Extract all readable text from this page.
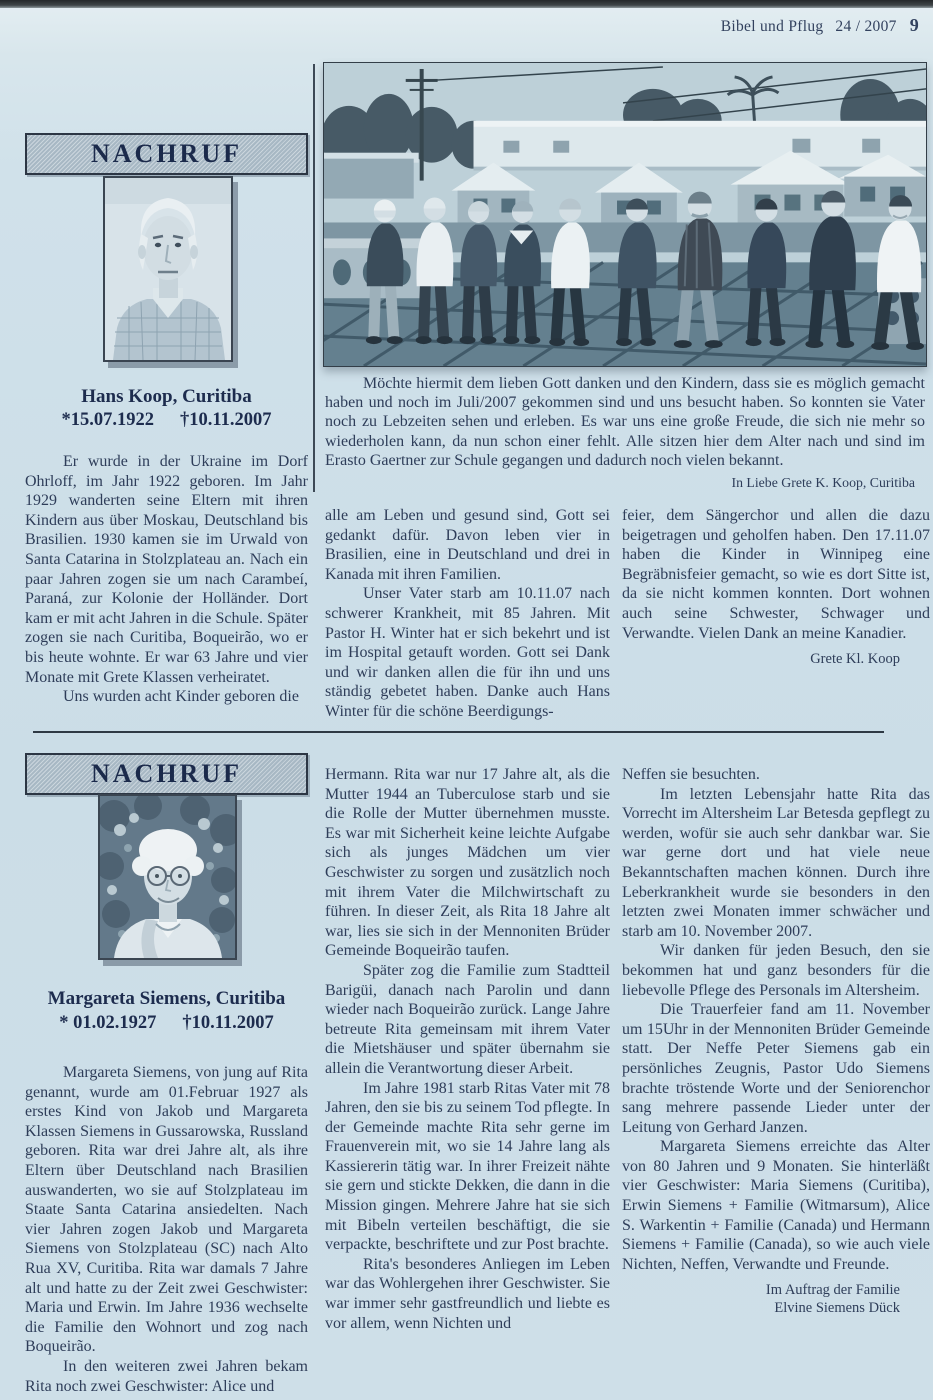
Bibel und Pflug 24 / 2007 9
NACHRUF
Hans Koop, Curitiba
*15.07.1922 †10.11.2007

Er wurde in der Ukraine im Dorf Ohrloff, im Jahr 1922 geboren. Im Jahr 1929 wanderten seine Eltern mit ihren Kindern aus über Moskau, Deutschland bis Brasilien. 1930 kamen sie im Urwald von Santa Catarina in Stolzplateau an. Nach ein paar Jahren zogen sie um nach Carambeí, Paraná, zur Kolonie der Holländer. Dort kam er mit acht Jahren in die Schule. Später zogen sie nach Curitiba, Boqueirão, wo er bis heute wohnte. Er war 63 Jahre und vier Monate mit Grete Klassen verheiratet.

Uns wurden acht Kinder geboren die

Möchte hiermit dem lieben Gott danken und den Kindern, dass sie es möglich gemacht haben und noch im Juli/2007 gekommen sind und uns besucht haben. So konnten sie Vater noch zu Lebzeiten sehen und erleben. Es war uns eine große Freude, die sich nie mehr so wiederholen kann, da nun schon einer fehlt. Alle sitzen hier dem Alter nach und sind im Erasto Gaertner zur Schule gegangen und dadurch noch vielen bekannt.

In Liebe Grete K. Koop, Curitiba

alle am Leben und gesund sind, Gott sei gedankt dafür. Davon leben vier in Brasilien, eine in Deutschland und drei in Kanada mit ihren Familien.

Unser Vater starb am 10.11.07 nach schwerer Krankheit, mit 85 Jahren. Mit Pastor H. Winter hat er sich bekehrt und ist im Hospital getauft worden. Gott sei Dank und wir danken allen die für ihn und uns ständig gebetet haben. Danke auch Hans Winter für die schöne Beerdigungs-

feier, dem Sängerchor und allen die dazu beigetragen und geholfen haben. Den 17.11.07 haben die Kinder in Winnipeg eine Begräbnisfeier gemacht, so wie es dort Sitte ist, da sie nicht kommen konnten. Dort wohnen auch seine Schwester, Schwager und Verwandte. Vielen Dank an meine Kanadier.

Grete Kl. Koop
NACHRUF
Margareta Siemens, Curitiba
* 01.02.1927 †10.11.2007

Margareta Siemens, von jung auf Rita genannt, wurde am 01.Februar 1927 als erstes Kind von Jakob und Margareta Klassen Siemens in Gussarowska, Russland geboren. Rita war drei Jahre alt, als ihre Eltern über Deutschland nach Brasilien auswanderten, wo sie auf Stolzplateau im Staate Santa Catarina ansiedelten. Nach vier Jahren zogen Jakob und Margareta Siemens von Stolzplateau (SC) nach Alto Rua XV, Curitiba. Rita war damals 7 Jahre alt und hatte zu der Zeit zwei Geschwister: Maria und Erwin. Im Jahre 1936 wechselte die Familie den Wohnort und zog nach Boqueirão.

In den weiteren zwei Jahren bekam Rita noch zwei Geschwister: Alice und

Hermann. Rita war nur 17 Jahre alt, als die Mutter 1944 an Tuberculose starb und sie die Rolle der Mutter übernehmen musste. Es war mit Sicherheit keine leichte Aufgabe sich als junges Mädchen um vier Geschwister zu sorgen und zusätzlich noch mit ihrem Vater die Milchwirtschaft zu führen. In dieser Zeit, als Rita 18 Jahre alt war, lies sie sich in der Mennoniten Brüder Gemeinde Boqueirão taufen.

Später zog die Familie zum Stadtteil Barigüi, danach nach Parolin und dann wieder nach Boqueirão zurück. Lange Jahre betreute Rita gemeinsam mit ihrem Vater die Mietshäuser und später übernahm sie allein die Verantwortung dieser Arbeit.

Im Jahre 1981 starb Ritas Vater mit 78 Jahren, den sie bis zu seinem Tod pflegte. In der Gemeinde machte Rita sehr gerne im Frauenverein mit, wo sie 14 Jahre lang als Kassiererin tätig war. In ihrer Freizeit nähte sie gern und stickte Dekken, die dann in die Mission gingen. Mehrere Jahre hat sie sich mit Bibeln verteilen beschäftigt, die sie verpackte, beschriftete und zur Post brachte.

Rita's besonderes Anliegen im Leben war das Wohlergehen ihrer Geschwister. Sie war immer sehr gastfreundlich und liebte es vor allem, wenn Nichten und

Neffen sie besuchten.

Im letzten Lebensjahr hatte Rita das Vorrecht im Altersheim Lar Betesda gepflegt zu werden, wofür sie auch sehr dankbar war. Sie war gerne dort und hat viele neue Bekanntschaften machen können. Durch ihre Leberkrankheit wurde sie besonders in den letzten zwei Monaten immer schwächer und starb am 10. November 2007.

Wir danken für jeden Besuch, den sie bekommen hat und ganz besonders für die liebevolle Pflege des Personals im Altersheim.

Die Trauerfeier fand am 11. November um 15Uhr in der Mennoniten Brüder Gemeinde statt. Der Neffe Peter Siemens gab ein persönliches Zeugnis, Pastor Udo Siemens brachte tröstende Worte und der Seniorenchor sang mehrere passende Lieder unter der Leitung von Gerhard Janzen.

Margareta Siemens erreichte das Alter von 80 Jahren und 9 Monaten. Sie hinterläßt vier Geschwister: Maria Siemens (Curitiba), Erwin Siemens + Familie (Witmarsum), Alice S. Warkentin + Familie (Canada) und Hermann Siemens + Familie (Canada), so wie auch viele Nichten, Neffen, Verwandte und Freunde.

Im Auftrag der Familie
Elvine Siemens Dück
